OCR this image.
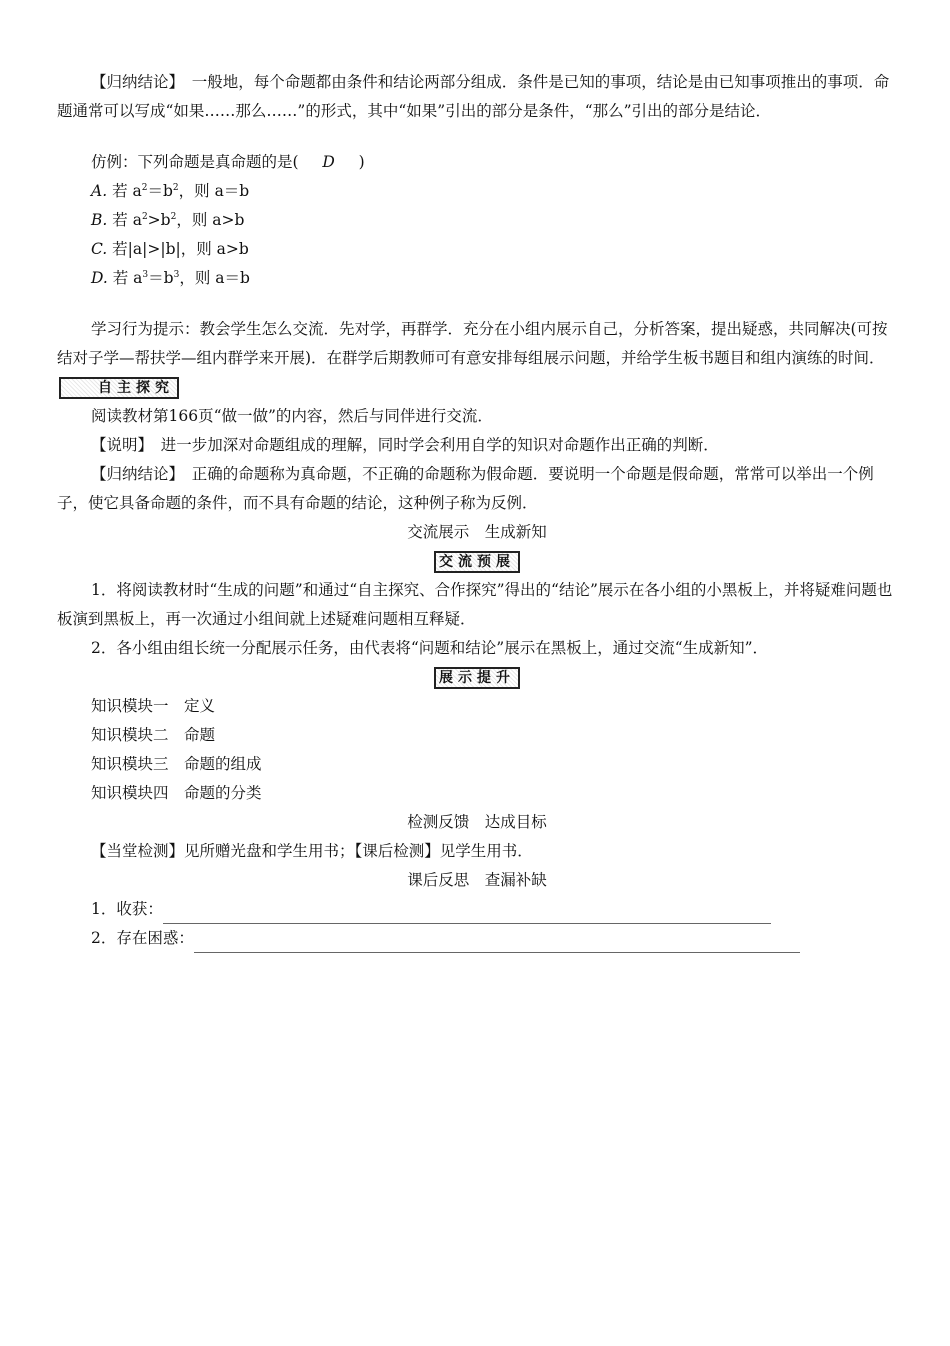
【归纳结论】　 一般地，每个命题都由条件和结论两部分组成．条件是已知的事项，结论是由已知事项推出的事项．命题通常可以写成“如果……那么……”的形式，其中“如果”引出的部分是条件，“那么”引出的部分是结论．

仿例：下列命题是真命题的是( D )

A. 若 $a^2=b^2$，则 a＝b

B. 若 $a^2>b^2$，则 a>b

C. 若|a|>|b|，则 a>b

D. 若 $a^3=b^3$，则 a＝b

学习行为提示：教会学生怎么交流．先对学，再群学．充分在小组内展示自己，分析答案，提出疑惑，共同解决(可按结对子学—帮扶学—组内群学来开展)．在群学后期教师可有意安排每组展示问题，并给学生板书题目和组内演练的时间．自主探究

阅读教材第166页“做一做”的内容，然后与同伴进行交流．

【说明】　 进一步加深对命题组成的理解，同时学会利用自学的知识对命题作出正确的判断．

【归纳结论】　 正确的命题称为真命题，不正确的命题称为假命题．要说明一个命题是假命题，常常可以举出一个例子，使它具备命题的条件，而不具有命题的结论，这种例子称为反例．

交流展示　生成新知

交流预展

1．将阅读教材时“生成的问题”和通过“自主探究、合作探究”得出的“结论”展示在各小组的小黑板上，并将疑难问题也板演到黑板上，再一次通过小组间就上述疑难问题相互释疑．

2．各小组由组长统一分配展示任务，由代表将“问题和结论”展示在黑板上，通过交流“生成新知”．

展示提升

知识模块一　定义

知识模块二　命题

知识模块三　命题的组成

知识模块四　命题的分类

检测反馈　达成目标

【当堂检测】见所赠光盘和学生用书；【课后检测】见学生用书．

课后反思　查漏补缺

1．收获：

2．存在困惑：
